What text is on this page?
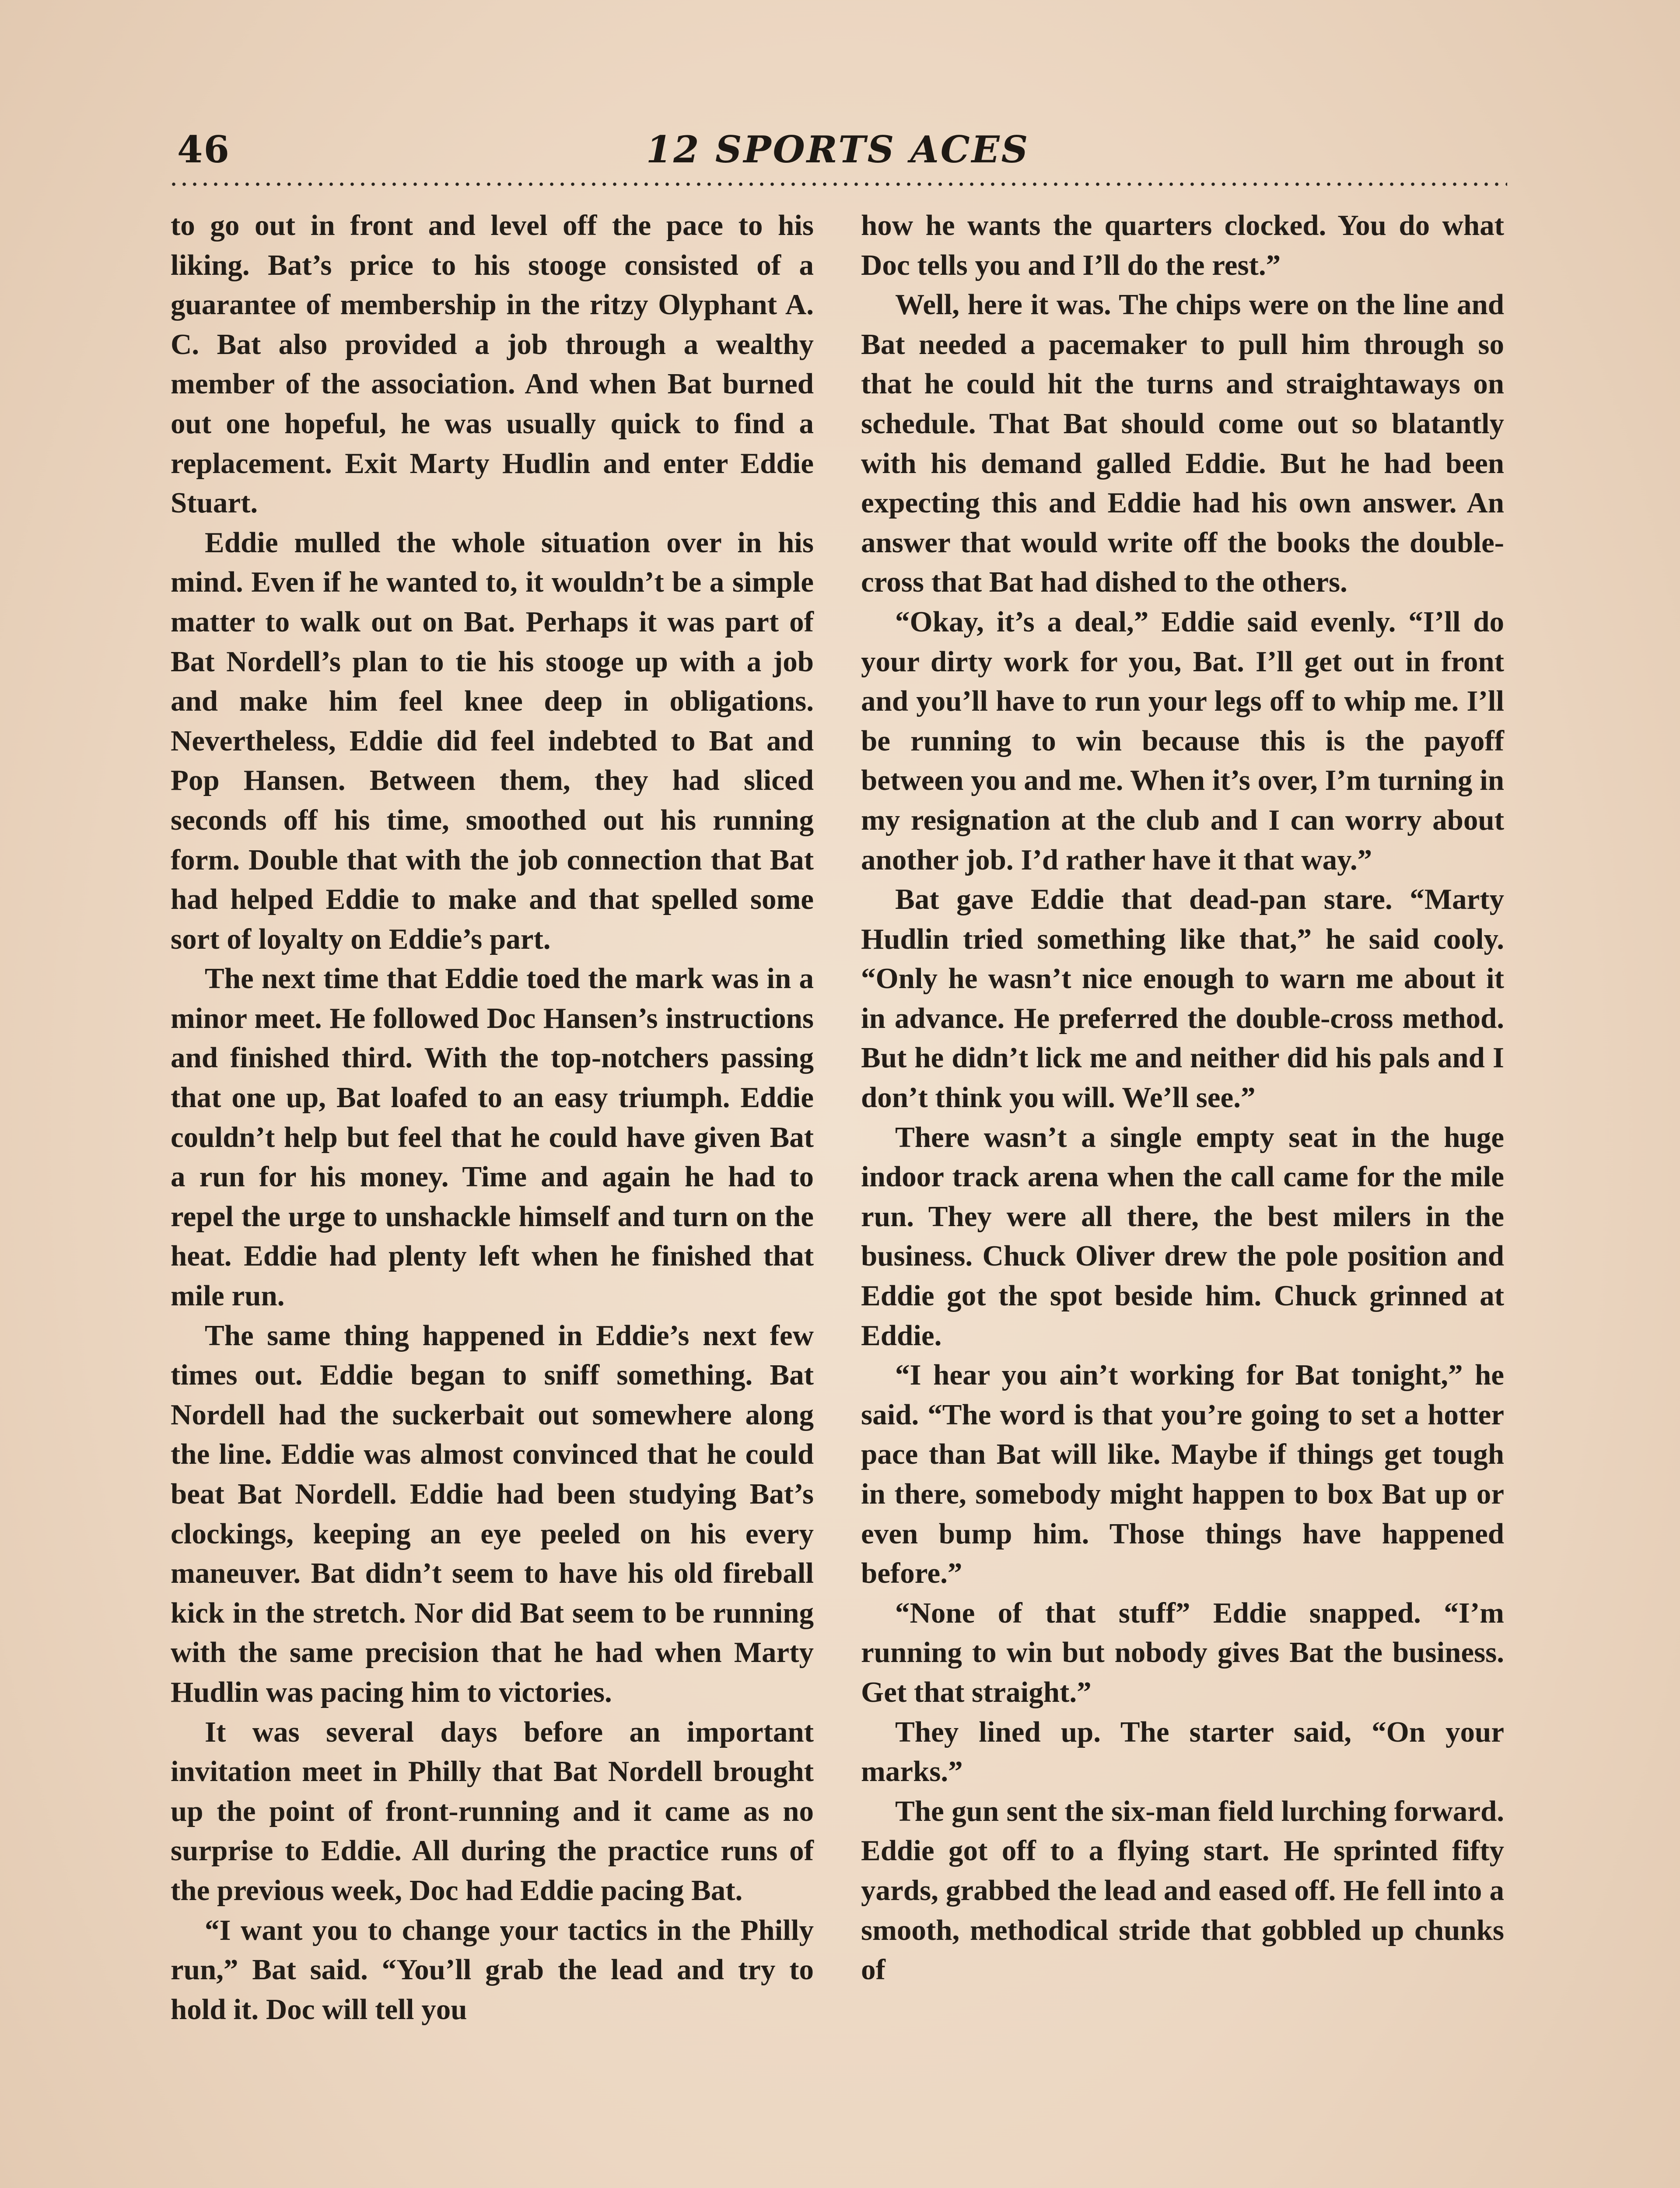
46	12 SPORTS ACES

to go out in front and level off the pace to his liking. Bat’s price to his stooge consisted of a guarantee of membership in the ritzy Olyphant A. C. Bat also provided a job through a wealthy member of the association. And when Bat burned out one hopeful, he was usually quick to find a replacement. Exit Marty Hudlin and enter Eddie Stuart.

Eddie mulled the whole situation over in his mind. Even if he wanted to, it wouldn’t be a simple matter to walk out on Bat. Perhaps it was part of Bat Nordell’s plan to tie his stooge up with a job and make him feel knee deep in obligations. Nevertheless, Eddie did feel indebted to Bat and Pop Hansen. Between them, they had sliced seconds off his time, smoothed out his running form. Double that with the job connection that Bat had helped Eddie to make and that spelled some sort of loyalty on Eddie’s part.

The next time that Eddie toed the mark was in a minor meet. He followed Doc Hansen’s instructions and finished third. With the top-notchers passing that one up, Bat loafed to an easy triumph. Eddie couldn’t help but feel that he could have given Bat a run for his money. Time and again he had to repel the urge to unshackle himself and turn on the heat. Eddie had plenty left when he finished that mile run.

The same thing happened in Eddie’s next few times out. Eddie began to sniff something. Bat Nordell had the suckerbait out somewhere along the line. Eddie was almost convinced that he could beat Bat Nordell. Eddie had been studying Bat’s clockings, keeping an eye peeled on his every maneuver. Bat didn’t seem to have his old fireball kick in the stretch. Nor did Bat seem to be running with the same precision that he had when Marty Hudlin was pacing him to victories.

It was several days before an important invitation meet in Philly that Bat Nordell brought up the point of front-running and it came as no surprise to Eddie. All during the practice runs of the previous week, Doc had Eddie pacing Bat.

“I want you to change your tactics in the Philly run,” Bat said. “You’ll grab the lead and try to hold it. Doc will tell you

how he wants the quarters clocked. You do what Doc tells you and I’ll do the rest.”

Well, here it was. The chips were on the line and Bat needed a pacemaker to pull him through so that he could hit the turns and straightaways on schedule. That Bat should come out so blatantly with his demand galled Eddie. But he had been expecting this and Eddie had his own answer. An answer that would write off the books the double-cross that Bat had dished to the others.

“Okay, it’s a deal,” Eddie said evenly. “I’ll do your dirty work for you, Bat. I’ll get out in front and you’ll have to run your legs off to whip me. I’ll be running to win because this is the payoff between you and me. When it’s over, I’m turning in my resignation at the club and I can worry about another job. I’d rather have it that way.”

Bat gave Eddie that dead-pan stare. “Marty Hudlin tried something like that,” he said cooly. “Only he wasn’t nice enough to warn me about it in advance. He preferred the double-cross method. But he didn’t lick me and neither did his pals and I don’t think you will. We’ll see.”

There wasn’t a single empty seat in the huge indoor track arena when the call came for the mile run. They were all there, the best milers in the business. Chuck Oliver drew the pole position and Eddie got the spot beside him. Chuck grinned at Eddie.

“I hear you ain’t working for Bat tonight,” he said. “The word is that you’re going to set a hotter pace than Bat will like. Maybe if things get tough in there, somebody might happen to box Bat up or even bump him. Those things have happened before.”

“None of that stuff” Eddie snapped. “I’m running to win but nobody gives Bat the business. Get that straight.”

They lined up. The starter said, “On your marks.”

The gun sent the six-man field lurching forward. Eddie got off to a flying start. He sprinted fifty yards, grabbed the lead and eased off. He fell into a smooth, methodical stride that gobbled up chunks of
